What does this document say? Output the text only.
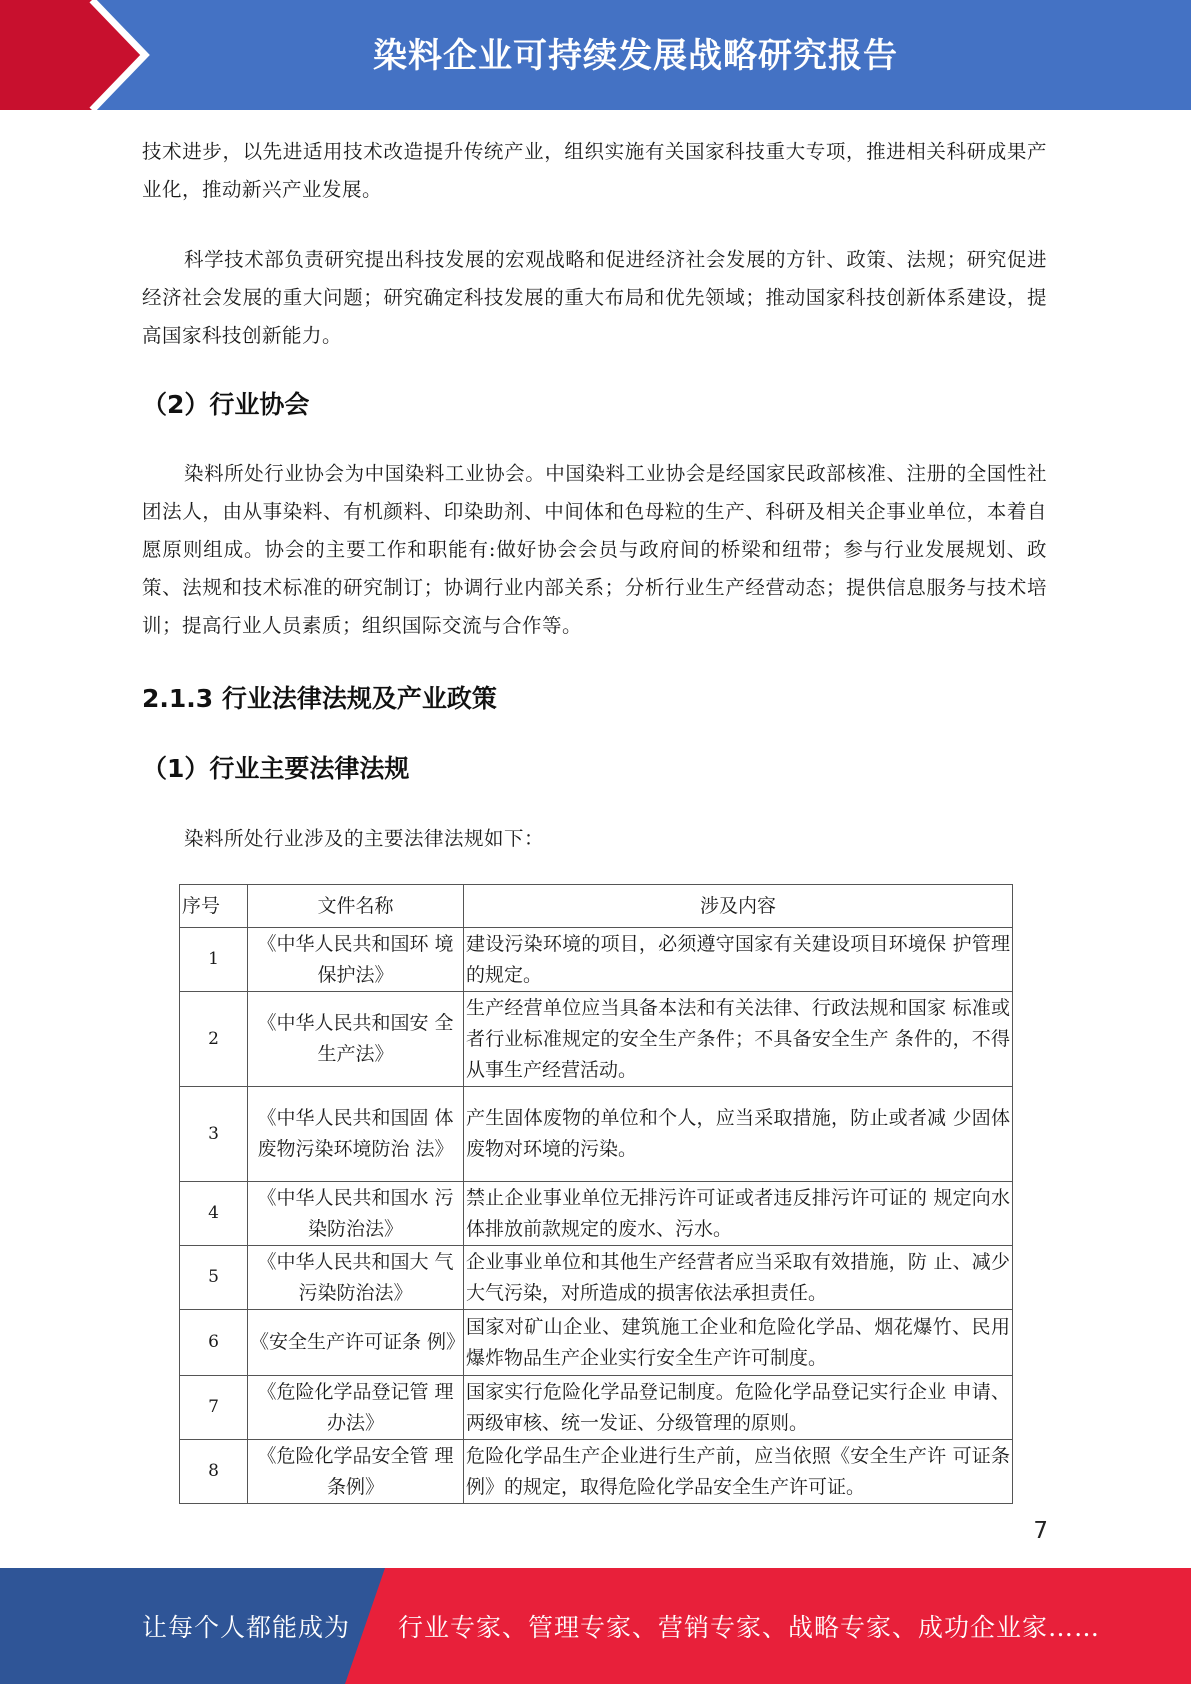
染料企业可持续发展战略研究报告

技术进步，以先进适用技术改造提升传统产业，组织实施有关国家科技重大专项，推进相关科研成果产业化，推动新兴产业发展。

科学技术部负责研究提出科技发展的宏观战略和促进经济社会发展的方针、政策、法规；研究促进经济社会发展的重大问题；研究确定科技发展的重大布局和优先领域；推动国家科技创新体系建设，提高国家科技创新能力。

（2）行业协会

染料所处行业协会为中国染料工业协会。中国染料工业协会是经国家民政部核准、注册的全国性社团法人，由从事染料、有机颜料、印染助剂、中间体和色母粒的生产、科研及相关企事业单位，本着自愿原则组成。协会的主要工作和职能有:做好协会会员与政府间的桥梁和纽带；参与行业发展规划、政策、法规和技术标准的研究制订；协调行业内部关系；分析行业生产经营动态；提供信息服务与技术培训；提高行业人员素质；组织国际交流与合作等。

2.1.3 行业法律法规及产业政策
（1）行业主要法律法规

染料所处行业涉及的主要法律法规如下：

序号	文件名称	涉及内容
1	《中华人民共和国环 境保护法》	建设污染环境的项目，必须遵守国家有关建设项目环境保 护管理的规定。
2	《中华人民共和国安 全生产法》	生产经营单位应当具备本法和有关法律、行政法规和国家 标准或者行业标准规定的安全生产条件；不具备安全生产 条件的，不得从事生产经营活动。
3	《中华人民共和国固 体废物污染环境防治 法》	产生固体废物的单位和个人，应当采取措施，防止或者减 少固体废物对环境的污染。
4	《中华人民共和国水 污染防治法》	禁止企业事业单位无排污许可证或者违反排污许可证的 规定向水体排放前款规定的废水、污水。
5	《中华人民共和国大 气污染防治法》	企业事业单位和其他生产经营者应当采取有效措施，防 止、减少大气污染，对所造成的损害依法承担责任。
6	《安全生产许可证条 例》	国家对矿山企业、建筑施工企业和危险化学品、烟花爆竹、民用爆炸物品生产企业实行安全生产许可制度。
7	《危险化学品登记管 理办法》	国家实行危险化学品登记制度。危险化学品登记实行企业 申请、两级审核、统一发证、分级管理的原则。
8	《危险化学品安全管 理条例》	危险化学品生产企业进行生产前，应当依照《安全生产许 可证条例》的规定，取得危险化学品安全生产许可证。
7
让每个人都能成为 行业专家、管理专家、营销专家、战略专家、成功企业家……
